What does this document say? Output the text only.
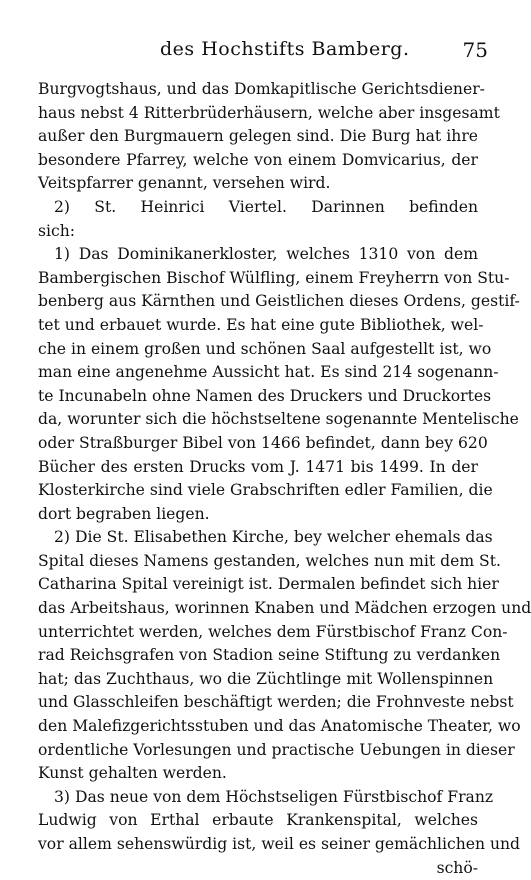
des Hochstifts Bamberg.	75
Burgvogtshaus, und das Domkapitlische Gerichtsdiener-
haus nebst 4 Ritterbrüderhäusern, welche aber insgesamt
außer den Burgmauern gelegen sind. Die Burg hat ihre
besondere Pfarrey, welche von einem Domvicarius, der
Veitspfarrer genannt, versehen wird.
2) St. Heinrici Viertel. Darinnen befinden
sich:
1) Das Dominikanerkloster, welches 1310 von dem
Bambergischen Bischof Wülfling, einem Freyherrn von Stu-
benberg aus Kärnthen und Geistlichen dieses Ordens, gestif-
tet und erbauet wurde. Es hat eine gute Bibliothek, wel-
che in einem großen und schönen Saal aufgestellt ist, wo
man eine angenehme Aussicht hat. Es sind 214 sogenann-
te Incunabeln ohne Namen des Druckers und Druckortes
da, worunter sich die höchstseltene sogenannte Mentelische
oder Straßburger Bibel von 1466 befindet, dann bey 620
Bücher des ersten Drucks vom J. 1471 bis 1499. In der
Klosterkirche sind viele Grabschriften edler Familien, die
dort begraben liegen.
2) Die St. Elisabethen Kirche, bey welcher ehemals das
Spital dieses Namens gestanden, welches nun mit dem St.
Catharina Spital vereinigt ist. Dermalen befindet sich hier
das Arbeitshaus, worinnen Knaben und Mädchen erzogen und
unterrichtet werden, welches dem Fürstbischof Franz Con-
rad Reichsgrafen von Stadion seine Stiftung zu verdanken
hat; das Zuchthaus, wo die Züchtlinge mit Wollenspinnen
und Glasschleifen beschäftigt werden; die Frohnveste nebst
den Malefizgerichtsstuben und das Anatomische Theater, wo
ordentliche Vorlesungen und practische Uebungen in dieser
Kunst gehalten werden.
3) Das neue von dem Höchstseligen Fürstbischof Franz
Ludwig von Erthal erbaute Krankenspital, welches
vor allem sehenswürdig ist, weil es seiner gemächlichen und
schö-
